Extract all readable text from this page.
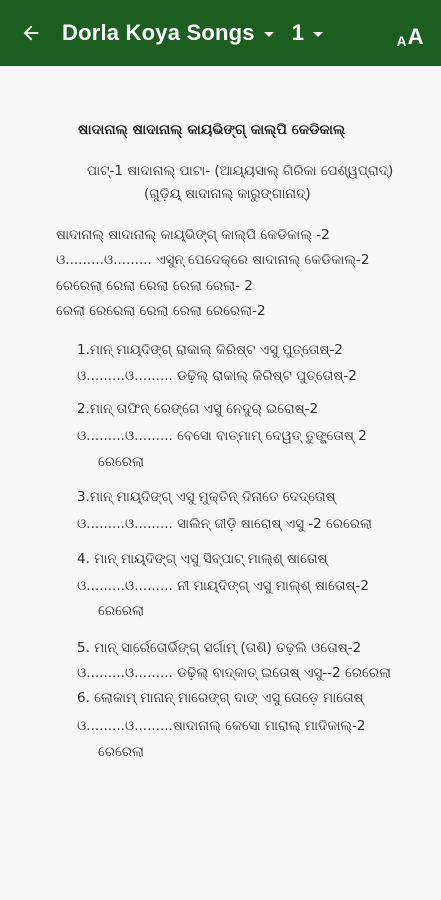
Dorla Koya Songs 1	A A
ଷାଦାନାଲ୍ ଷାଦାନାଲ୍ କାୟଭିଙ୍ଗ୍ କାଲ୍ପି କେଡିକାଲ୍
ପାଟ୍-1 ଷାଦାନାଲ୍ ପାଟା- (ଆୟ୍ୟସାଲ୍ ଗିରିକା ପେଶ୍ୱପ୍ରାଦ୍)
(ଗୁଡ଼ିୟ୍ ଷାଦାନାଲ୍ କାରୁଙ୍ଗାନାଦ୍)
ଷାଦାନାଲ୍ ଷାଦାନାଲ୍ କାୟ୍ଭିଙ୍ଗ୍ କାଲ୍ପି କେଡିକାଲ୍ -2
ଓ.........ଓ......... ଏସୁନ୍ ପେଦେକ୍ରେ ଷାଦାନାଲ୍ କେଡିକାଲ୍-2
ରେରେଲା ରେଲା ରେଲା ରେଲା ରେଲା- 2
ରେଲା ରେରେଲା ରେଲା ରେଲା ରେରେଲା-2
1.ମାନ୍ ମାୟ୍ଦିଙ୍ଗ୍ ରାକାଲ୍ କିରିଷ୍ଟ ଏସୁ ପୁତ୍ତୋଷ୍-2
ଓ.........ଓ......... ଡଢ଼ିଲ୍ ରାକାଲ୍ କିରିଷ୍ଟ ପୁତ୍ତୋଷ୍-2
2.ମାନ୍ ତାଫିନ୍ ରେଙ୍ଗେ ଏସୁ ନେଦୁର୍ ଇରୋଷ୍-2
ଓ.........ଓ......... ବେସୋ ବାତ୍ମାମ୍ ଦେୱତ୍ ତୁଙ୍ଗ୍ତୋଷ୍ 2
ରେରେଲା
3.ମାନ୍ ମାୟ୍ଦିଙ୍ଗ୍ ଏସୁ ମୁକ୍ତିନ୍ ଦିନାତେ ଦେଦ୍ତୋଷ୍
ଓ.........ଓ......... ସାଲିନ୍ ଜୀଡ଼ି ଷାରୋଷ୍ ଏସୁ -2 ରେରେଲା
4. ମାନ୍ ମାୟ୍ଦିଙ୍ଗ୍ ଏସୁ ସିବ୍ପାଟ୍ ମାଲ୍ଶ୍ ଷାତୋଷ୍
ଓ.........ଓ......... ନୀ ମାୟ୍ଦିଙ୍ଗ୍ ଏସୁ ମାଲ୍ଶ୍ ଷାତୋଷ୍-2
ରେରେଲା
5. ମାନ୍ ସାର୍ରେତୋର୍ଭିଙ୍ଗ୍ ସର୍ଗାମ୍ (ତାଶି) ତଢ଼ଲି ଓତୋଷ୍-2
ଓ.........ଓ......... ଡଢ଼ିଲ୍ ବାଦ୍କାତ୍ ଇତୋଷ୍ ଏସୁ--2 ରେରେଲା
6. ଲୋକାମ୍ ମାନାନ୍ ମାରେଙ୍ଗ୍ ଦାଙ୍ ଏସୁ ତୋଡ଼େ ମାତୋଷ୍
ଓ.........ଓ.........ଷାଦାନାଲ୍ କେସୋ ମାରାଲ୍ ମାଦିକାଲ୍-2
ରେରେଲା
